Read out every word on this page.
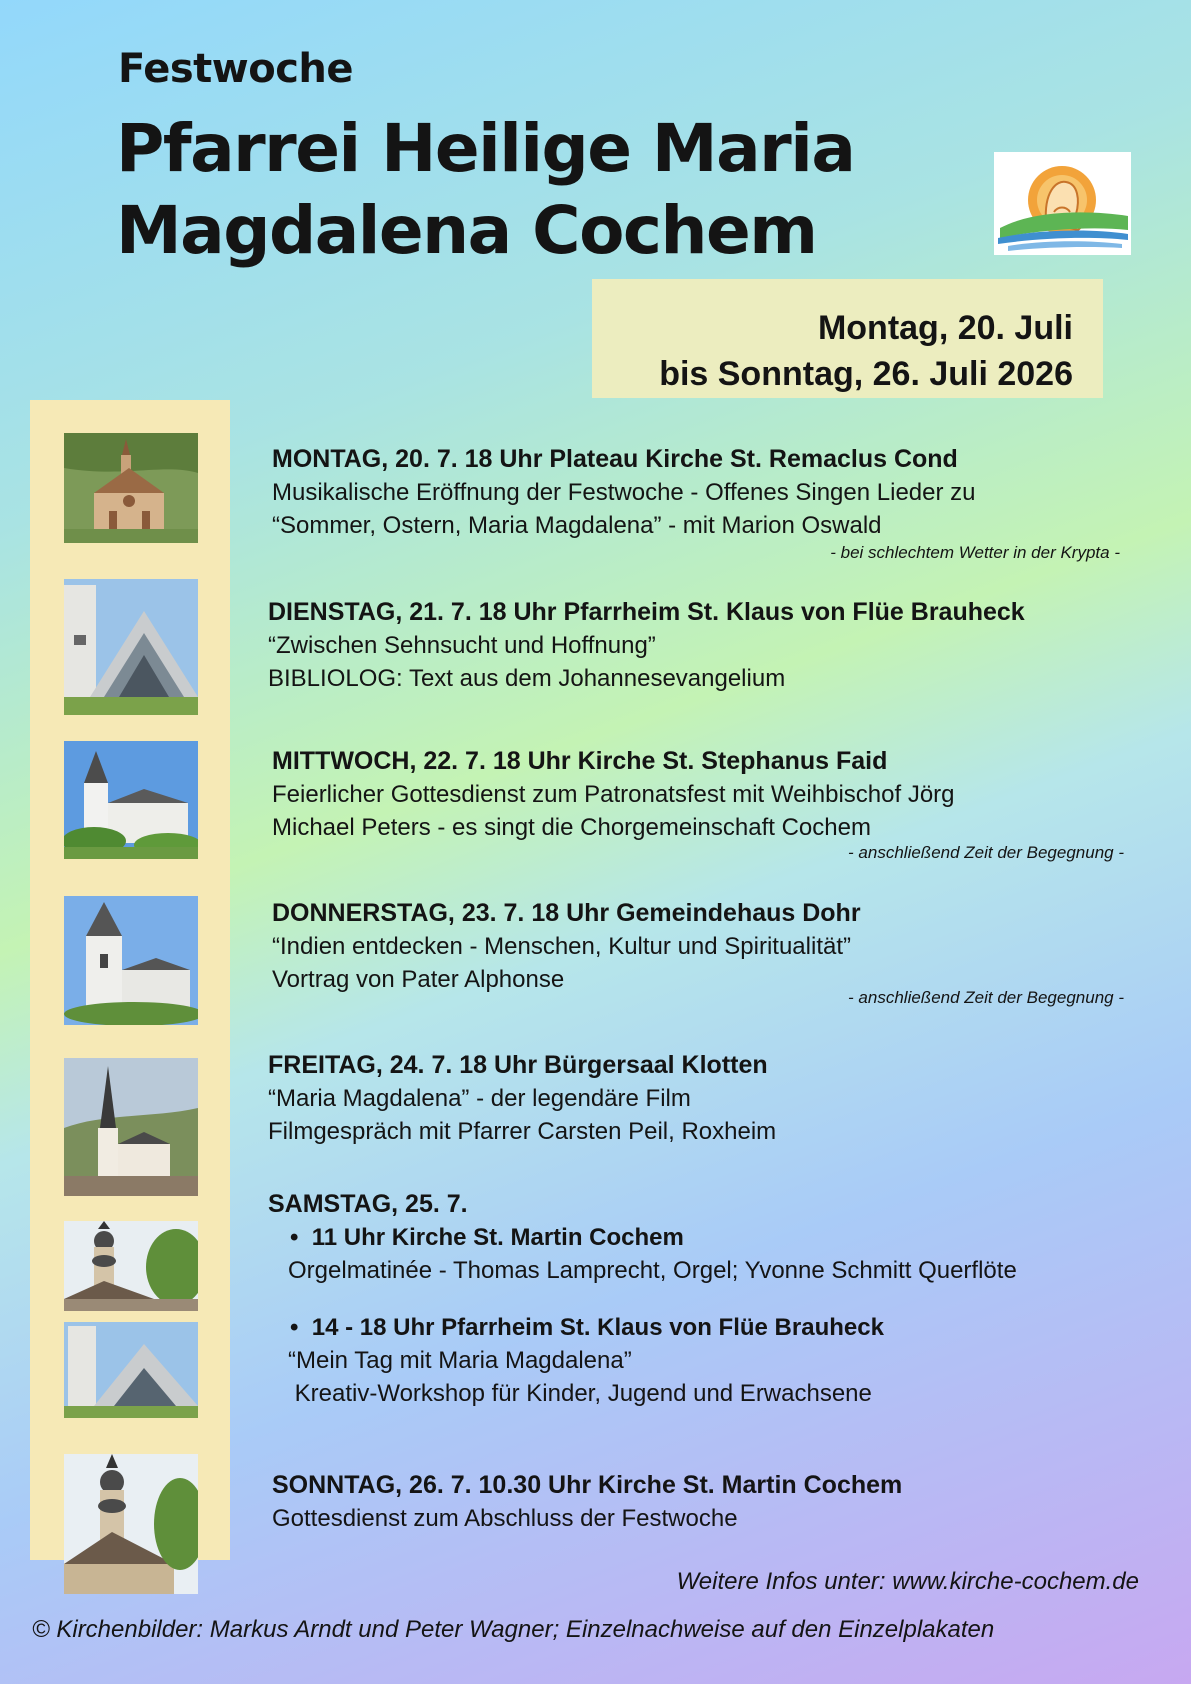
Festwoche
Pfarrei Heilige Maria
Magdalena Cochem
Montag, 20. Juli
bis Sonntag, 26. Juli 2026
MONTAG, 20. 7. 18 Uhr Plateau Kirche St. Remaclus Cond
Musikalische Eröffnung der Festwoche - Offenes Singen Lieder zu
“Sommer, Ostern, Maria Magdalena” - mit Marion Oswald
- bei schlechtem Wetter in der Krypta -
DIENSTAG, 21. 7. 18 Uhr Pfarrheim St. Klaus von Flüe Brauheck
“Zwischen Sehnsucht und Hoffnung”
BIBLIOLOG: Text aus dem Johannesevangelium
MITTWOCH, 22. 7. 18 Uhr Kirche St. Stephanus Faid
Feierlicher Gottesdienst zum Patronatsfest mit Weihbischof Jörg
Michael Peters - es singt die Chorgemeinschaft Cochem
- anschließend Zeit der Begegnung -
DONNERSTAG, 23. 7. 18 Uhr Gemeindehaus Dohr
“Indien entdecken - Menschen, Kultur und Spiritualität”
Vortrag von Pater Alphonse
- anschließend Zeit der Begegnung -
FREITAG, 24. 7. 18 Uhr Bürgersaal Klotten
“Maria Magdalena” - der legendäre Film
Filmgespräch mit Pfarrer Carsten Peil, Roxheim
SAMSTAG, 25. 7.
•  11 Uhr Kirche St. Martin Cochem
Orgelmatinée - Thomas Lamprecht, Orgel; Yvonne Schmitt Querflöte
•  14 - 18 Uhr Pfarrheim St. Klaus von Flüe Brauheck
“Mein Tag mit Maria Magdalena”
Kreativ-Workshop für Kinder, Jugend und Erwachsene
SONNTAG, 26. 7. 10.30 Uhr Kirche St. Martin Cochem
Gottesdienst zum Abschluss der Festwoche
Weitere Infos unter: www.kirche-cochem.de
© Kirchenbilder: Markus Arndt und Peter Wagner; Einzelnachweise auf den Einzelplakaten
